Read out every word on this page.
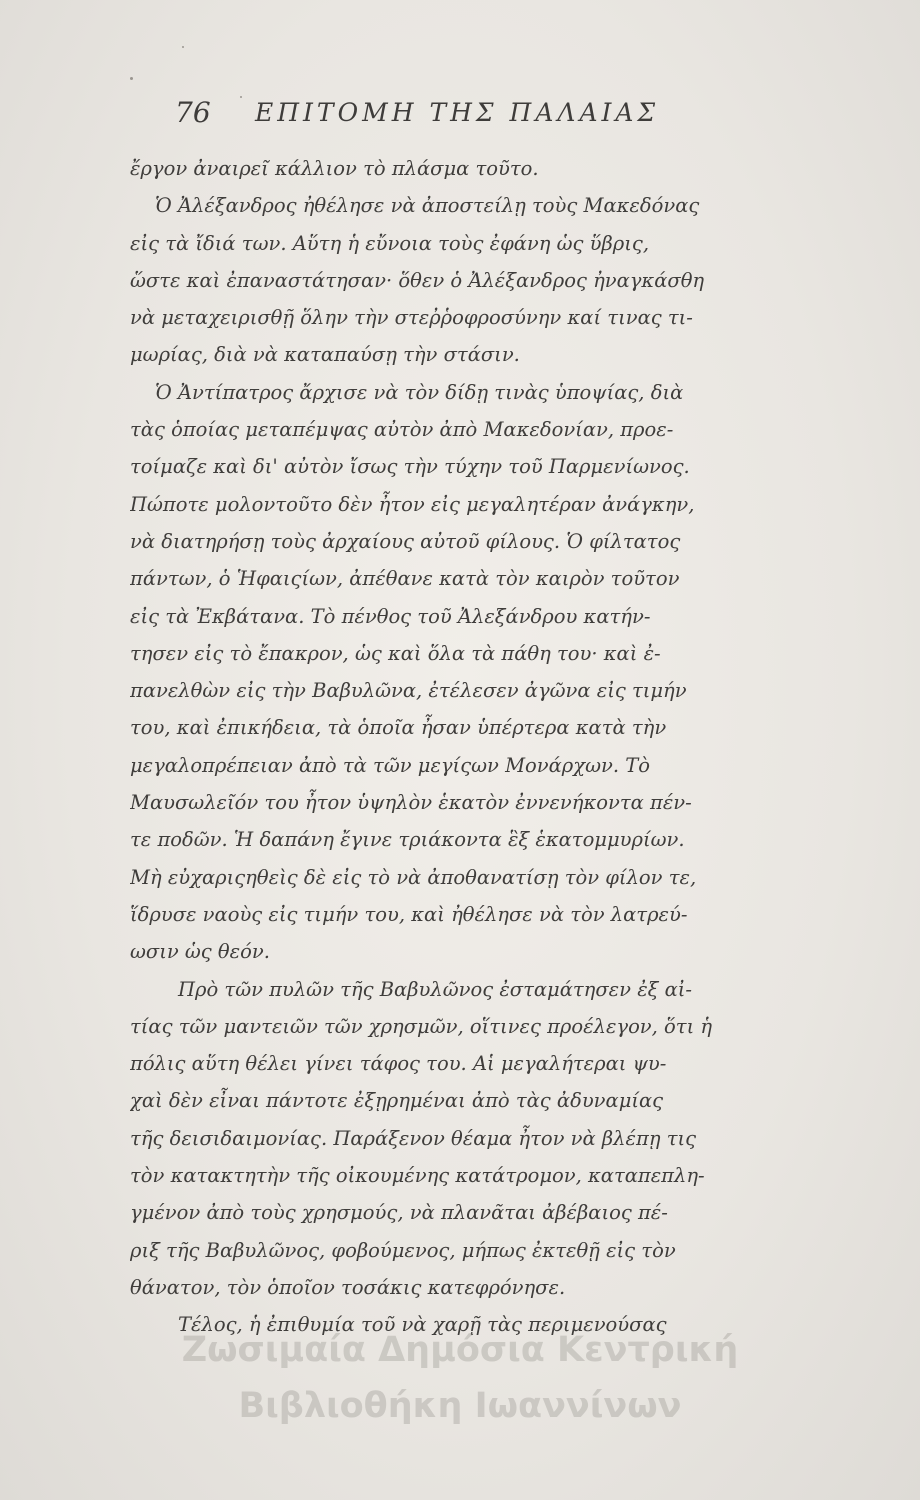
76 ΕΠΙΤΟΜΗ ΤΗΣ ΠΑΛΑΙΑΣ
ἔργον ἀναιρεῖ κάλλιον τὸ πλάσμα τοῦτο.
Ὁ Ἀλέξανδρος ἠθέλησε νὰ ἀποστείλῃ τοὺς Μακεδόνας
εἰς τὰ ἴδιά των. Αὕτη ἡ εὔνοια τοὺς ἐφάνη ὡς ὕβρις,
ὥστε καὶ ἐπαναστάτησαν· ὅθεν ὁ Ἀλέξανδρος ἠναγκάσθη
νὰ μεταχειρισθῇ ὅλην τὴν στεῤῥοφροσύνην καί τινας τι-
μωρίας, διὰ νὰ καταπαύσῃ τὴν στάσιν.
Ὁ Ἀντίπατρος ἄρχισε νὰ τὸν δίδῃ τινὰς ὑποψίας, διὰ
τὰς ὁποίας μεταπέμψας αὐτὸν ἀπὸ Μακεδονίαν, προε-
τοίμαζε καὶ δι' αὐτὸν ἴσως τὴν τύχην τοῦ Παρμενίωνος.
Πώποτε μολοντοῦτο δὲν ἦτον εἰς μεγαλητέραν ἀνάγκην,
νὰ διατηρήσῃ τοὺς ἀρχαίους αὐτοῦ φίλους. Ὁ φίλτατος
πάντων, ὁ Ἡφαιςίων, ἀπέθανε κατὰ τὸν καιρὸν τοῦτον
εἰς τὰ Ἐκβάτανα. Τὸ πένθος τοῦ Ἀλεξάνδρου κατήν-
τησεν εἰς τὸ ἔπακρον, ὡς καὶ ὅλα τὰ πάθη του· καὶ ἐ-
πανελθὼν εἰς τὴν Βαβυλῶνα, ἐτέλεσεν ἀγῶνα εἰς τιμήν
του, καὶ ἐπικήδεια, τὰ ὁποῖα ἦσαν ὑπέρτερα κατὰ τὴν
μεγαλοπρέπειαν ἀπὸ τὰ τῶν μεγίςων Μονάρχων. Τὸ
Μαυσωλεῖόν του ἦτον ὑψηλὸν ἑκατὸν ἐννενήκοντα πέν-
τε ποδῶν. Ἡ δαπάνη ἔγινε τριάκοντα ἓξ ἑκατομμυρίων.
Μὴ εὐχαριςηθεὶς δὲ εἰς τὸ νὰ ἀποθανατίσῃ τὸν φίλον τε,
ἵδρυσε ναοὺς εἰς τιμήν του, καὶ ἠθέλησε νὰ τὸν λατρεύ-
ωσιν ὡς θεόν.
Πρὸ τῶν πυλῶν τῆς Βαβυλῶνος ἐσταμάτησεν ἐξ αἰ-
τίας τῶν μαντειῶν τῶν χρησμῶν, οἵτινες προέλεγον, ὅτι ἡ
πόλις αὕτη θέλει γίνει τάφος του. Αἱ μεγαλήτεραι ψυ-
χαὶ δὲν εἶναι πάντοτε ἐξῃρημέναι ἀπὸ τὰς ἀδυναμίας
τῆς δεισιδαιμονίας. Παράξενον θέαμα ἦτον νὰ βλέπῃ τις
τὸν κατακτητὴν τῆς οἰκουμένης κατάτρομον, καταπεπλη-
γμένον ἀπὸ τοὺς χρησμούς, νὰ πλανᾶται ἀβέβαιος πέ-
ριξ τῆς Βαβυλῶνος, φοβούμενος, μήπως ἐκτεθῇ εἰς τὸν
θάνατον, τὸν ὁποῖον τοσάκις κατεφρόνησε.
Τέλος, ἡ ἐπιθυμία τοῦ νὰ χαρῇ τὰς περιμενούσας
Ζωσιμαία Δημόσια Κεντρική
Βιβλιοθήκη Ιωαννίνων
